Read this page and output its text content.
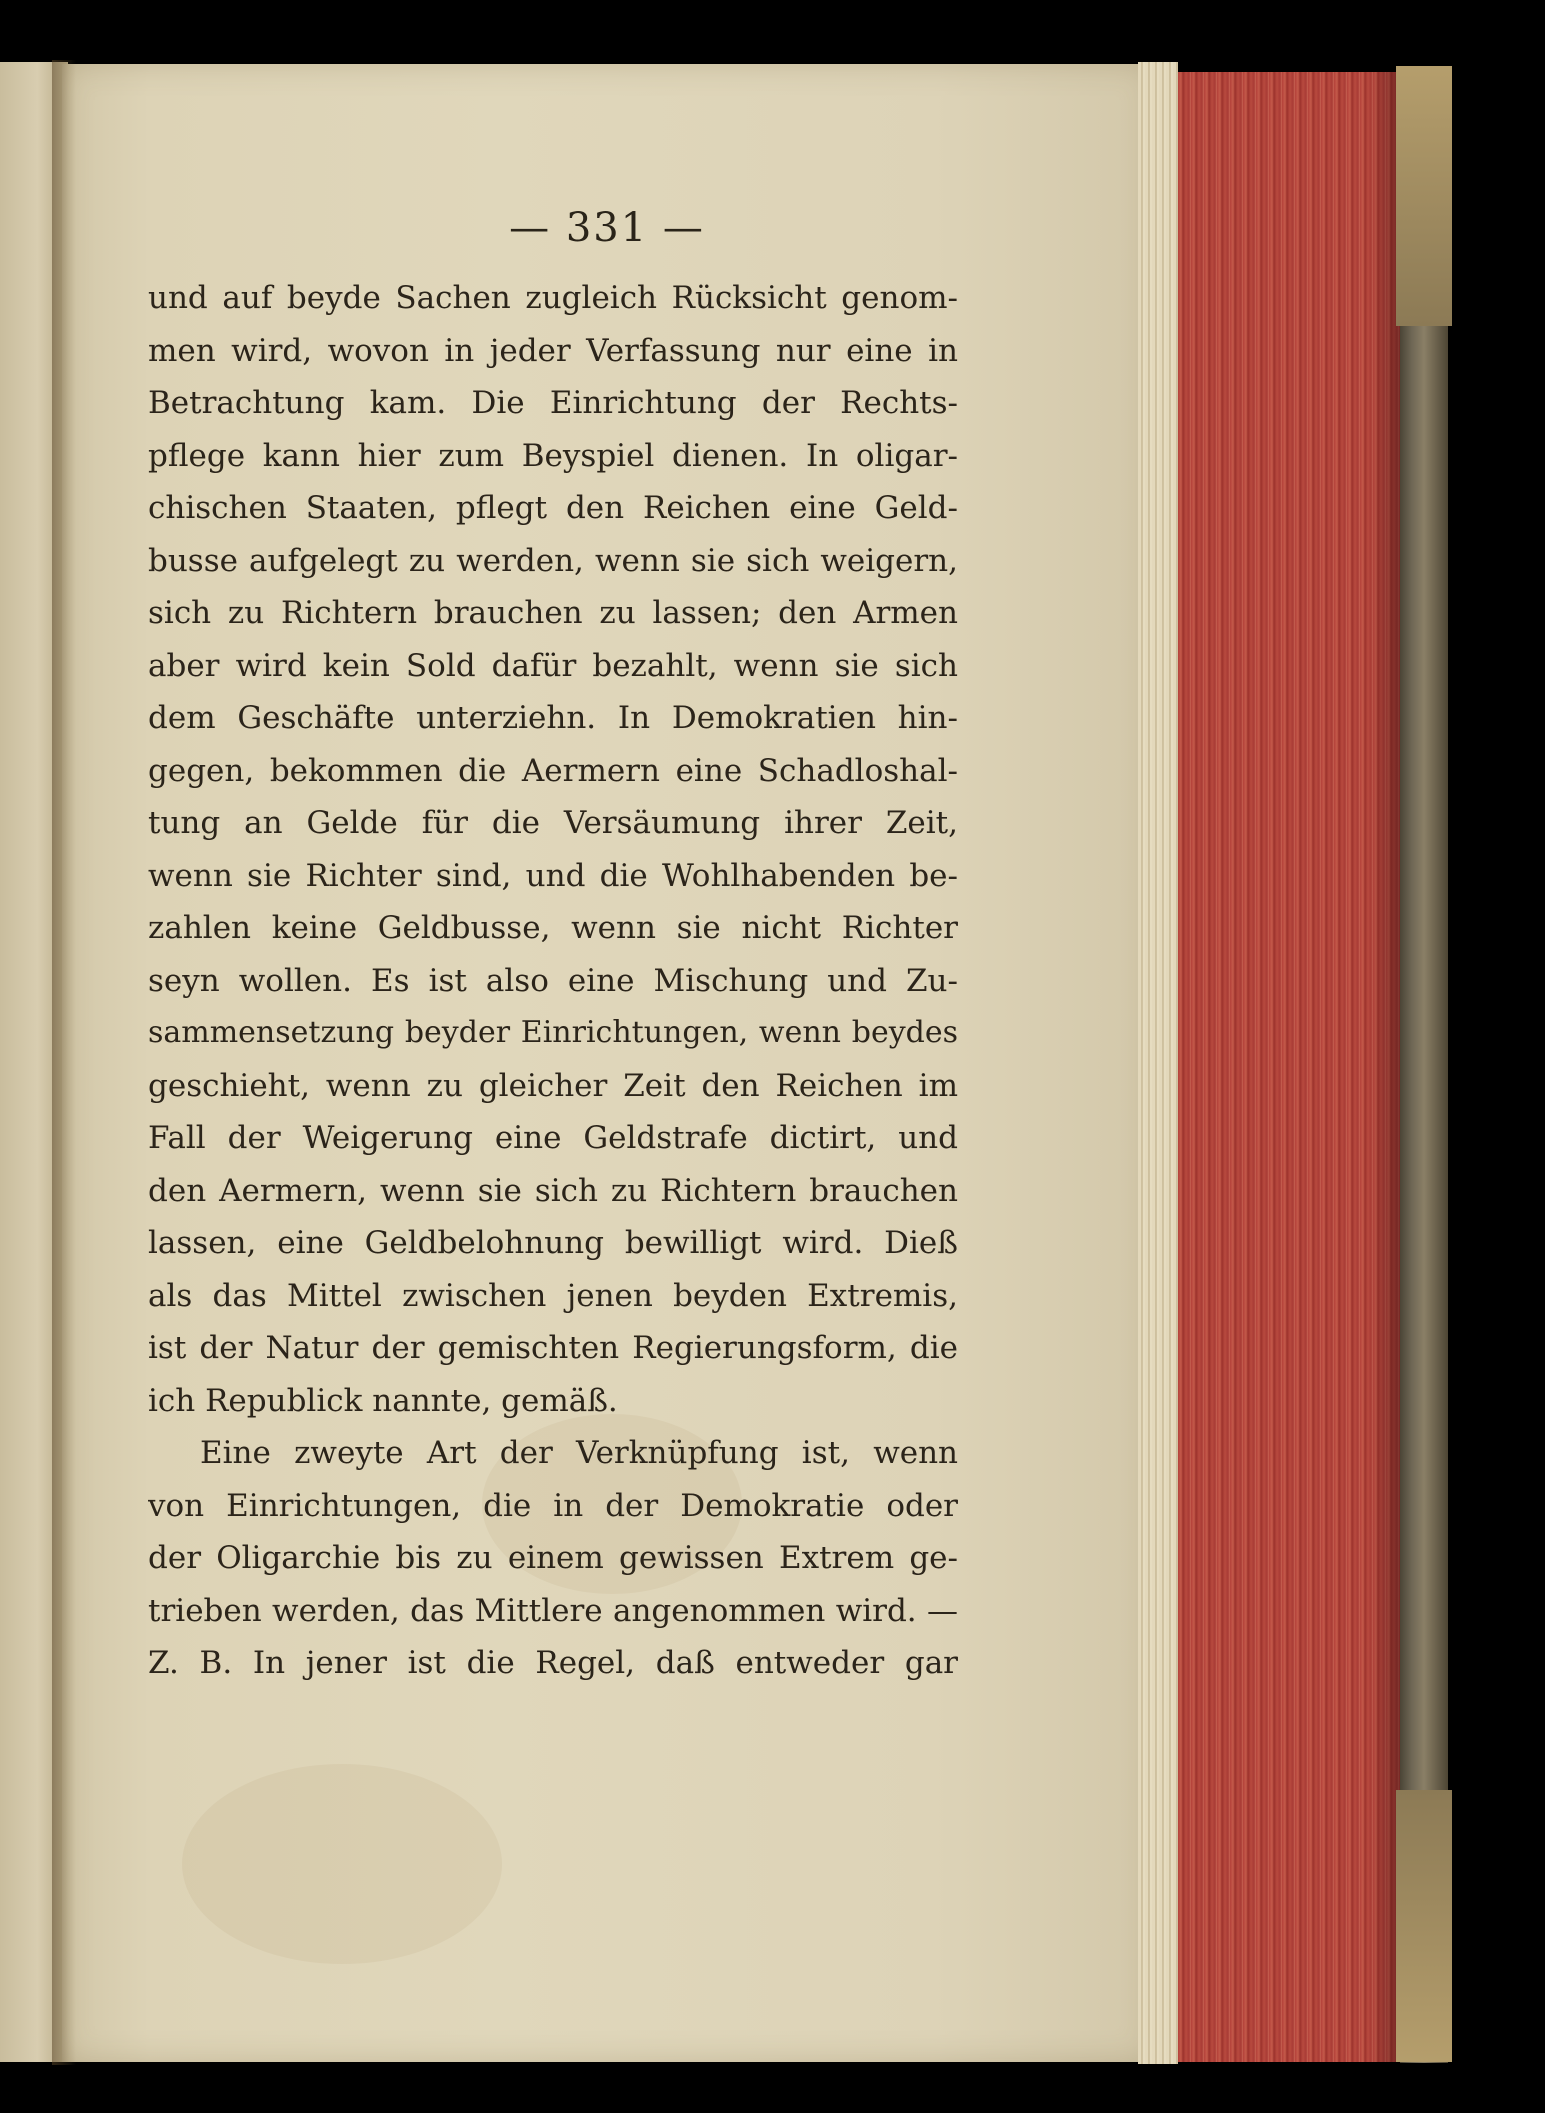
— 331 —
und auf beyde Sachen zugleich Rücksicht genom-
men wird, wovon in jeder Verfassung nur eine in
Betrachtung kam. Die Einrichtung der Rechts-
pflege kann hier zum Beyspiel dienen. In oligar-
chischen Staaten, pflegt den Reichen eine Geld-
busse aufgelegt zu werden, wenn sie sich weigern,
sich zu Richtern brauchen zu lassen; den Armen
aber wird kein Sold dafür bezahlt, wenn sie sich
dem Geschäfte unterziehn. In Demokratien hin-
gegen, bekommen die Aermern eine Schadloshal-
tung an Gelde für die Versäumung ihrer Zeit,
wenn sie Richter sind, und die Wohlhabenden be-
zahlen keine Geldbusse, wenn sie nicht Richter
seyn wollen. Es ist also eine Mischung und Zu-
sammensetzung beyder Einrichtungen, wenn beydes
geschieht, wenn zu gleicher Zeit den Reichen im
Fall der Weigerung eine Geldstrafe dictirt, und
den Aermern, wenn sie sich zu Richtern brauchen
lassen, eine Geldbelohnung bewilligt wird. Dieß
als das Mittel zwischen jenen beyden Extremis,
ist der Natur der gemischten Regierungsform, die
ich Republick nannte, gemäß.
Eine zweyte Art der Verknüpfung ist, wenn
von Einrichtungen, die in der Demokratie oder
der Oligarchie bis zu einem gewissen Extrem ge-
trieben werden, das Mittlere angenommen wird. —
Z. B. In jener ist die Regel, daß entweder gar
